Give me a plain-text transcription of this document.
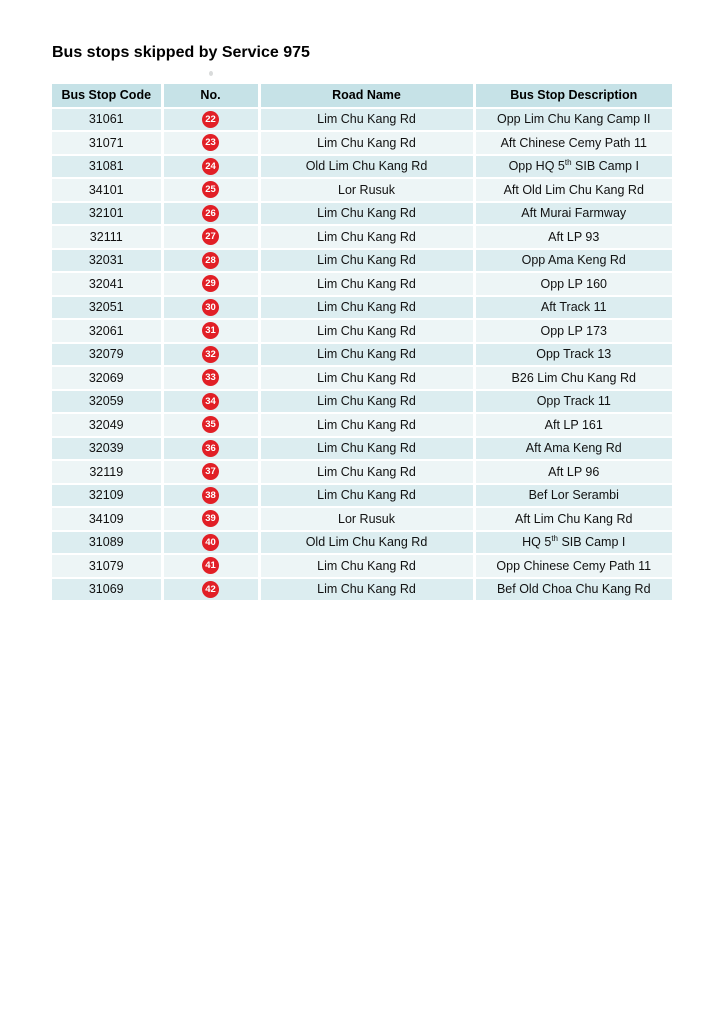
Bus stops skipped by Service 975
Bus Stop Code	No.	Road Name	Bus Stop Description
31061	22	Lim Chu Kang Rd	Opp Lim Chu Kang Camp II
31071	23	Lim Chu Kang Rd	Aft Chinese Cemy Path 11
31081	24	Old Lim Chu Kang Rd	Opp HQ 5th SIB Camp I
34101	25	Lor Rusuk	Aft Old Lim Chu Kang Rd
32101	26	Lim Chu Kang Rd	Aft Murai Farmway
32111	27	Lim Chu Kang Rd	Aft LP 93
32031	28	Lim Chu Kang Rd	Opp Ama Keng Rd
32041	29	Lim Chu Kang Rd	Opp LP 160
32051	30	Lim Chu Kang Rd	Aft Track 11
32061	31	Lim Chu Kang Rd	Opp LP 173
32079	32	Lim Chu Kang Rd	Opp Track 13
32069	33	Lim Chu Kang Rd	B26 Lim Chu Kang Rd
32059	34	Lim Chu Kang Rd	Opp Track 11
32049	35	Lim Chu Kang Rd	Aft LP 161
32039	36	Lim Chu Kang Rd	Aft Ama Keng Rd
32119	37	Lim Chu Kang Rd	Aft LP 96
32109	38	Lim Chu Kang Rd	Bef Lor Serambi
34109	39	Lor Rusuk	Aft Lim Chu Kang Rd
31089	40	Old Lim Chu Kang Rd	HQ 5th SIB Camp I
31079	41	Lim Chu Kang Rd	Opp Chinese Cemy Path 11
31069	42	Lim Chu Kang Rd	Bef Old Choa Chu Kang Rd
